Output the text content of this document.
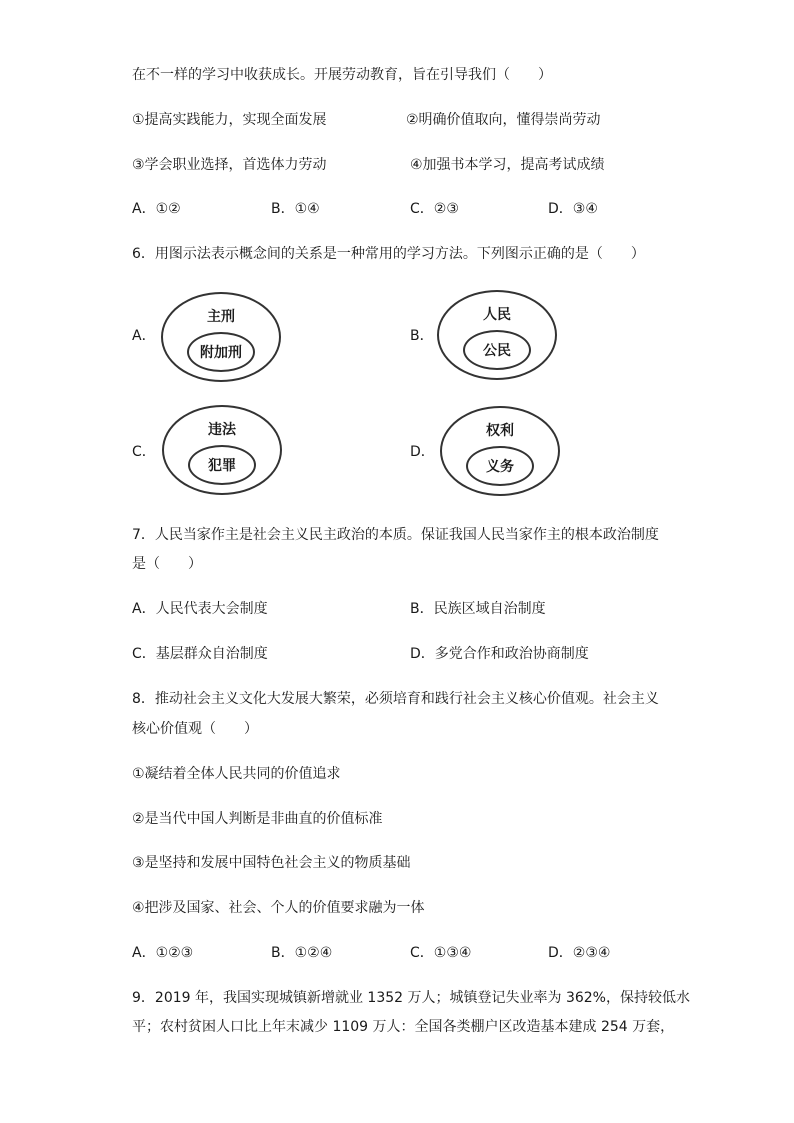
在不一样的学习中收获成长。开展劳动教育，旨在引导我们（　　）
①提高实践能力，实现全面发展	②明确价值取向，懂得崇尚劳动
③学会职业选择，首选体力劳动	④加强书本学习，提高考试成绩
A．①②	B．①④	C．②③	D．③④
6．用图示法表示概念间的关系是一种常用的学习方法。下列图示正确的是（　　）
A．
主刑
附加刑
B．
人民
公民
C．
违法
犯罪
D．
权利
义务
7．人民当家作主是社会主义民主政治的本质。保证我国人民当家作主的根本政治制度
是（　　）
A．人民代表大会制度	B．民族区域自治制度
C．基层群众自治制度	D．多党合作和政治协商制度
8．推动社会主义文化大发展大繁荣，必须培育和践行社会主义核心价值观。社会主义
核心价值观（　　）
①凝结着全体人民共同的价值追求
②是当代中国人判断是非曲直的价值标准
③是坚持和发展中国特色社会主义的物质基础
④把涉及国家、社会、个人的价值要求融为一体
A．①②③	B．①②④	C．①③④	D．②③④
9．2019 年，我国实现城镇新增就业 1352 万人；城镇登记失业率为 362%，保持较低水
平；农村贫困人口比上年末减少 1109 万人：全国各类棚户区改造基本建成 254 万套，
